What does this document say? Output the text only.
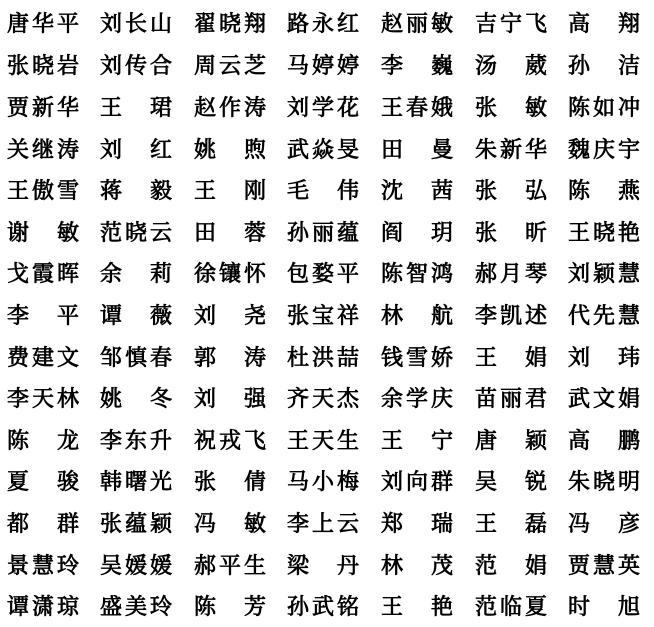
唐华平 刘长山 翟晓翔 路永红 赵丽敏 吉宁飞 高 翔
张晓岩 刘传合 周云芝 马婷婷 李 巍 汤 葳 孙 洁
贾新华 王 珺 赵作涛 刘学花 王春娥 张 敏 陈如冲
关继涛 刘 红 姚 煦 武焱旻 田 曼 朱新华 魏庆宇
王傲雪 蒋 毅 王 刚 毛 伟 沈 茜 张 弘 陈 燕
谢 敏 范晓云 田 蓉 孙丽蕴 阎 玥 张 昕 王晓艳
戈霞晖 余 莉 徐镶怀 包婺平 陈智鸿 郝月琴 刘颖慧
李 平 谭 薇 刘 尧 张宝祥 林 航 李凯述 代先慧
费建文 邹慎春 郭 涛 杜洪喆 钱雪娇 王 娟 刘 玮
李天林 姚 冬 刘 强 齐天杰 余学庆 苗丽君 武文娟
陈 龙 李东升 祝戎飞 王天生 王 宁 唐 颖 高 鹏
夏 骏 韩曙光 张 倩 马小梅 刘向群 吴 锐 朱晓明
都 群 张蕴颖 冯 敏 李上云 郑 瑞 王 磊 冯 彦
景慧玲 吴媛媛 郝平生 梁 丹 林 茂 范 娟 贾慧英
谭潇琼 盛美玲 陈 芳 孙武铭 王 艳 范临夏 时 旭
